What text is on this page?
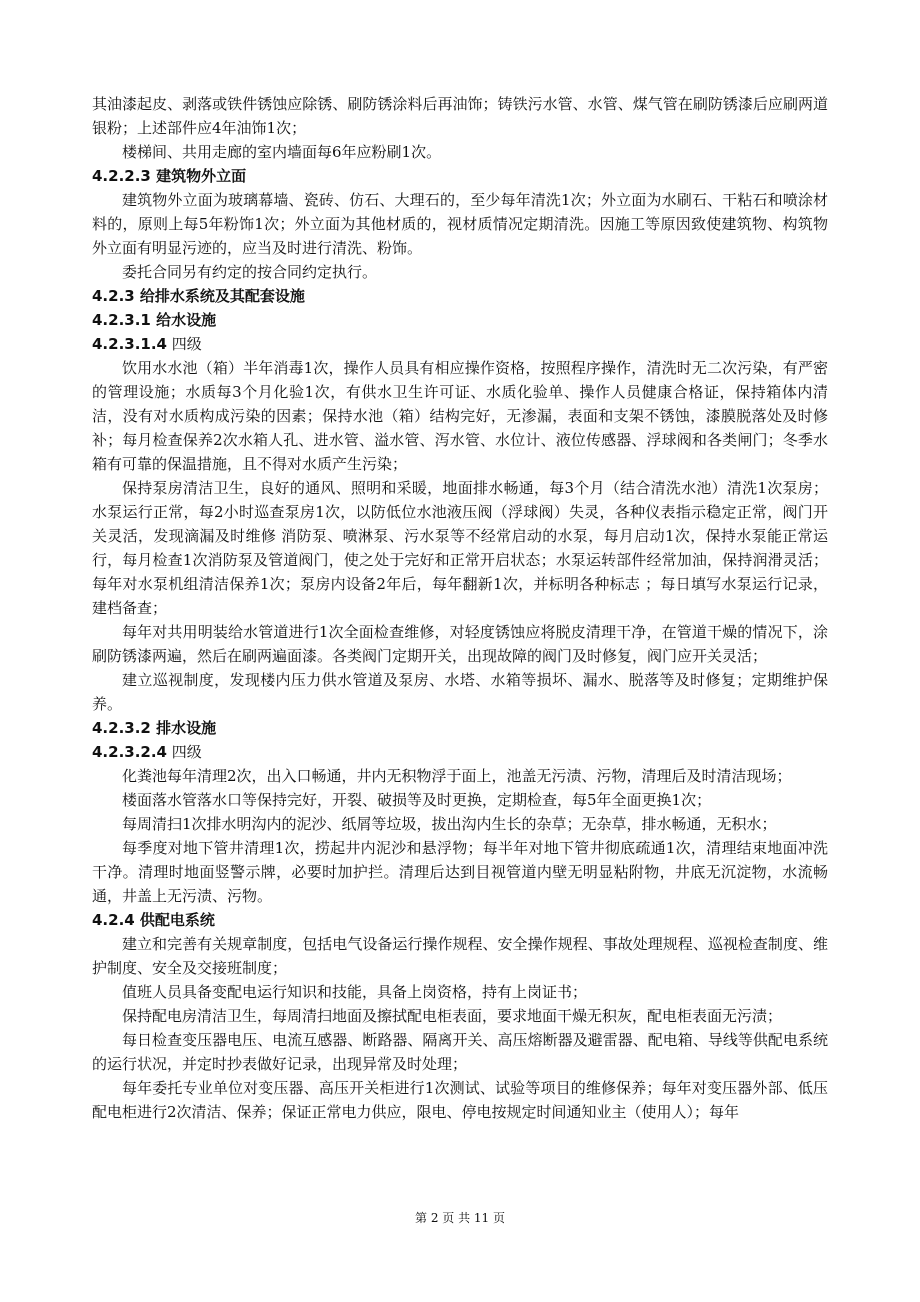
其油漆起皮、剥落或铁件锈蚀应除锈、刷防锈涂料后再油饰；铸铁污水管、水管、煤气管在刷防锈漆后应刷两道银粉；上述部件应4年油饰1次；

楼梯间、共用走廊的室内墙面每6年应粉刷1次。

4.2.2.3 建筑物外立面

建筑物外立面为玻璃幕墙、瓷砖、仿石、大理石的，至少每年清洗1次；外立面为水刷石、干粘石和喷涂材料的，原则上每5年粉饰1次；外立面为其他材质的，视材质情况定期清洗。因施工等原因致使建筑物、构筑物外立面有明显污迹的，应当及时进行清洗、粉饰。

委托合同另有约定的按合同约定执行。

4.2.3 给排水系统及其配套设施

4.2.3.1 给水设施

4.2.3.1.4 四级

饮用水水池（箱）半年消毒1次，操作人员具有相应操作资格，按照程序操作，清洗时无二次污染，有严密的管理设施；水质每3个月化验1次，有供水卫生许可证、水质化验单、操作人员健康合格证，保持箱体内清洁，没有对水质构成污染的因素；保持水池（箱）结构完好，无渗漏，表面和支架不锈蚀，漆膜脱落处及时修补；每月检查保养2次水箱人孔、进水管、溢水管、泻水管、水位计、液位传感器、浮球阀和各类闸门；冬季水箱有可靠的保温措施，且不得对水质产生污染；

保持泵房清洁卫生，良好的通风、照明和采暖，地面排水畅通，每3个月（结合清洗水池）清洗1次泵房；水泵运行正常，每2小时巡查泵房1次，以防低位水池液压阀（浮球阀）失灵，各种仪表指示稳定正常，阀门开关灵活，发现滴漏及时维修 消防泵、喷淋泵、污水泵等不经常启动的水泵，每月启动1次，保持水泵能正常运行，每月检查1次消防泵及管道阀门，使之处于完好和正常开启状态；水泵运转部件经常加油，保持润滑灵活；每年对水泵机组清洁保养1次；泵房内设备2年后，每年翻新1次，并标明各种标志 ；每日填写水泵运行记录，建档备查；

每年对共用明装给水管道进行1次全面检查维修，对轻度锈蚀应将脱皮清理干净，在管道干燥的情况下，涂刷防锈漆两遍，然后在刷两遍面漆。各类阀门定期开关，出现故障的阀门及时修复，阀门应开关灵活；

建立巡视制度，发现楼内压力供水管道及泵房、水塔、水箱等损坏、漏水、脱落等及时修复；定期维护保养。

4.2.3.2 排水设施

4.2.3.2.4 四级

化粪池每年清理2次，出入口畅通，井内无积物浮于面上，池盖无污渍、污物，清理后及时清洁现场；

楼面落水管落水口等保持完好，开裂、破损等及时更换，定期检查，每5年全面更换1次；

每周清扫1次排水明沟内的泥沙、纸屑等垃圾，拔出沟内生长的杂草；无杂草，排水畅通，无积水；

每季度对地下管井清理1次，捞起井内泥沙和悬浮物；每半年对地下管井彻底疏通1次，清理结束地面冲洗干净。清理时地面竖警示牌，必要时加护拦。清理后达到目视管道内壁无明显粘附物，井底无沉淀物，水流畅通，井盖上无污渍、污物。

4.2.4 供配电系统

建立和完善有关规章制度，包括电气设备运行操作规程、安全操作规程、事故处理规程、巡视检查制度、维护制度、安全及交接班制度；

值班人员具备变配电运行知识和技能，具备上岗资格，持有上岗证书；

保持配电房清洁卫生，每周清扫地面及擦拭配电柜表面，要求地面干燥无积灰，配电柜表面无污渍；

每日检查变压器电压、电流互感器、断路器、隔离开关、高压熔断器及避雷器、配电箱、导线等供配电系统的运行状况，并定时抄表做好记录，出现异常及时处理；

每年委托专业单位对变压器、高压开关柜进行1次测试、试验等项目的维修保养；每年对变压器外部、低压配电柜进行2次清洁、保养；保证正常电力供应，限电、停电按规定时间通知业主（使用人）；每年

第 2 页 共 11 页
